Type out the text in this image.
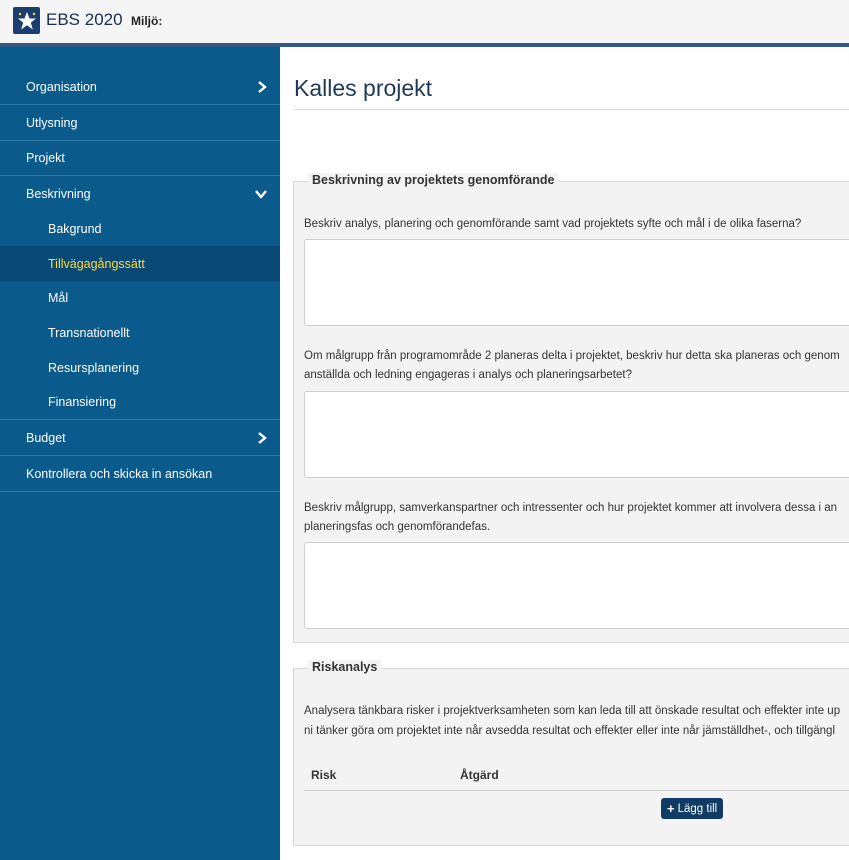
EBS 2020 Miljö:
Organisation
Utlysning
Projekt
Beskrivning
Bakgrund
Tillvägagångssätt
Mål
Transnationellt
Resursplanering
Finansiering
Budget
Kontrollera och skicka in ansökan
Kalles projekt
Beskrivning av projektets genomförande
Beskriv analys, planering och genomförande samt vad projektets syfte och mål i de olika faserna?
Om målgrupp från programområde 2 planeras delta i projektet, beskriv hur detta ska planeras och genom
anställda och ledning engageras i analys och planeringsarbetet?
Beskriv målgrupp, samverkanspartner och intressenter och hur projektet kommer att involvera dessa i an
planeringsfas och genomförandefas.
Riskanalys
Analysera tänkbara risker i projektverksamheten som kan leda till att önskade resultat och effekter inte up
ni tänker göra om projektet inte når avsedda resultat och effekter eller inte når jämställdhet-, och tillgängl
Risk	Åtgärd
+ Lägg till
